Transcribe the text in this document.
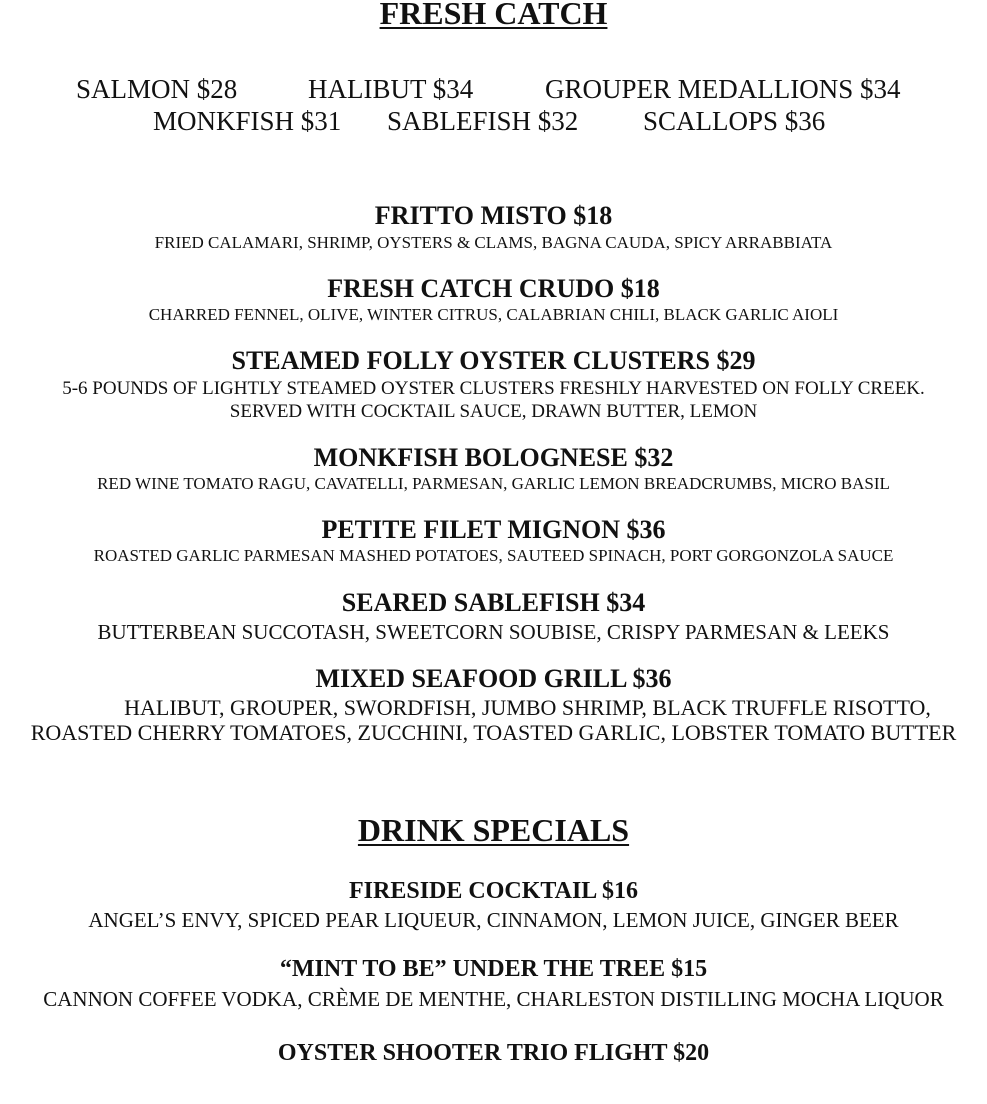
FRESH CATCH
SALMON $28	HALIBUT $34	GROUPER MEDALLIONS $34
MONKFISH $31 SABLEFISH $32 SCALLOPS $36
FRITTO MISTO $18
FRIED CALAMARI, SHRIMP, OYSTERS & CLAMS, BAGNA CAUDA, SPICY ARRABBIATA
FRESH CATCH CRUDO $18
CHARRED FENNEL, OLIVE, WINTER CITRUS, CALABRIAN CHILI, BLACK GARLIC AIOLI
STEAMED FOLLY OYSTER CLUSTERS $29
5-6 POUNDS OF LIGHTLY STEAMED OYSTER CLUSTERS FRESHLY HARVESTED ON FOLLY CREEK.
SERVED WITH COCKTAIL SAUCE, DRAWN BUTTER, LEMON
MONKFISH BOLOGNESE $32
RED WINE TOMATO RAGU, CAVATELLI, PARMESAN, GARLIC LEMON BREADCRUMBS, MICRO BASIL
PETITE FILET MIGNON $36
ROASTED GARLIC PARMESAN MASHED POTATOES, SAUTEED SPINACH, PORT GORGONZOLA SAUCE
SEARED SABLEFISH $34
BUTTERBEAN SUCCOTASH, SWEETCORN SOUBISE, CRISPY PARMESAN & LEEKS
MIXED SEAFOOD GRILL $36
HALIBUT, GROUPER, SWORDFISH, JUMBO SHRIMP, BLACK TRUFFLE RISOTTO,
ROASTED CHERRY TOMATOES, ZUCCHINI, TOASTED GARLIC, LOBSTER TOMATO BUTTER
DRINK SPECIALS
FIRESIDE COCKTAIL $16
ANGEL’S ENVY, SPICED PEAR LIQUEUR, CINNAMON, LEMON JUICE, GINGER BEER
“MINT TO BE” UNDER THE TREE $15
CANNON COFFEE VODKA, CRÈME DE MENTHE, CHARLESTON DISTILLING MOCHA LIQUOR
OYSTER SHOOTER TRIO FLIGHT $20
